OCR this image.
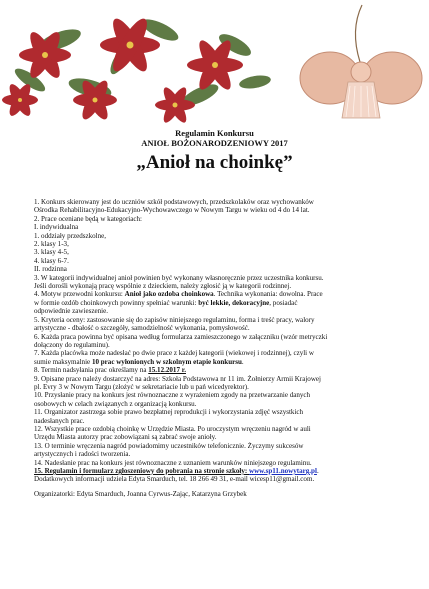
Regulamin Konkursu
ANIOŁ BOŻONARODZENIOWY 2017
„Anioł na choinkę”
1. Konkurs skierowany jest do uczniów szkół podstawowych, przedszkolaków oraz wychowanków
Ośrodka Rehabilitacyjno-Edukacyjno-Wychowawczego w Nowym Targu w wieku od 4 do 14 lat.
2. Prace oceniane będą w kategoriach:
I. indywidualna
1. oddziały przedszkolne,
2. klasy 1-3,
3. klasy 4-5,
4. klasy 6-7.
II. rodzinna
3. W kategorii indywidualnej anioł powinien być wykonany własnoręcznie przez uczestnika konkursu.
Jeśli dorośli wykonają pracę wspólnie z dzieckiem, należy zgłosić ją w kategorii rodzinnej.
4. Motyw przewodni konkursu: Anioł jako ozdoba choinkowa. Technika wykonania: dowolna. Prace
w formie ozdób choinkowych powinny spełniać warunki: być lekkie, dekoracyjne, posiadać
odpowiednie zawieszenie.
5. Kryteria oceny: zastosowanie się do zapisów niniejszego regulaminu, forma i treść pracy, walory
artystyczne - dbałość o szczegóły, samodzielność wykonania, pomysłowość.
6. Każda praca powinna być opisana według formularza zamieszczonego w załączniku (wzór metryczki
dołączony do regulaminu).
7. Każda placówka może nadesłać po dwie prace z każdej kategorii (wiekowej i rodzinnej), czyli w
sumie maksymalnie 10 prac wyłonionych w szkolnym etapie konkursu.
8. Termin nadsyłania prac określamy na 15.12.2017 r.
9. Opisane prace należy dostarczyć na adres: Szkoła Podstawowa nr 11 im. Żołnierzy Armii Krajowej
pl. Evry 3 w Nowym Targu (złożyć w sekretariacie lub u pań wicedyrektor).
10. Przysłanie pracy na konkurs jest równoznaczne z wyrażeniem zgody na przetwarzanie danych
osobowych w celach związanych z organizacją konkursu.
11. Organizator zastrzega sobie prawo bezpłatnej reprodukcji i wykorzystania zdjęć wszystkich
nadesłanych prac.
12. Wszystkie prace ozdobią choinkę w Urzędzie Miasta. Po uroczystym wręczeniu nagród w auli
Urzędu Miasta autorzy prac zobowiązani są zabrać swoje anioły.
13. O terminie wręczenia nagród powiadomimy uczestników telefonicznie. Życzymy sukcesów
artystycznych i radości tworzenia.
14. Nadesłanie prac na konkurs jest równoznaczne z uznaniem warunków niniejszego regulaminu.
15. Regulamin i formularz zgłoszeniowy do pobrania na stronie szkoły: www.sp11.nowytarg.pl.
Dodatkowych informacji udziela Edyta Smarduch, tel. 18 266 49 31, e-mail wicesp11@gmail.com.
Organizatorki: Edyta Smarduch, Joanna Cyrwus-Zając, Katarzyna Grzybek
